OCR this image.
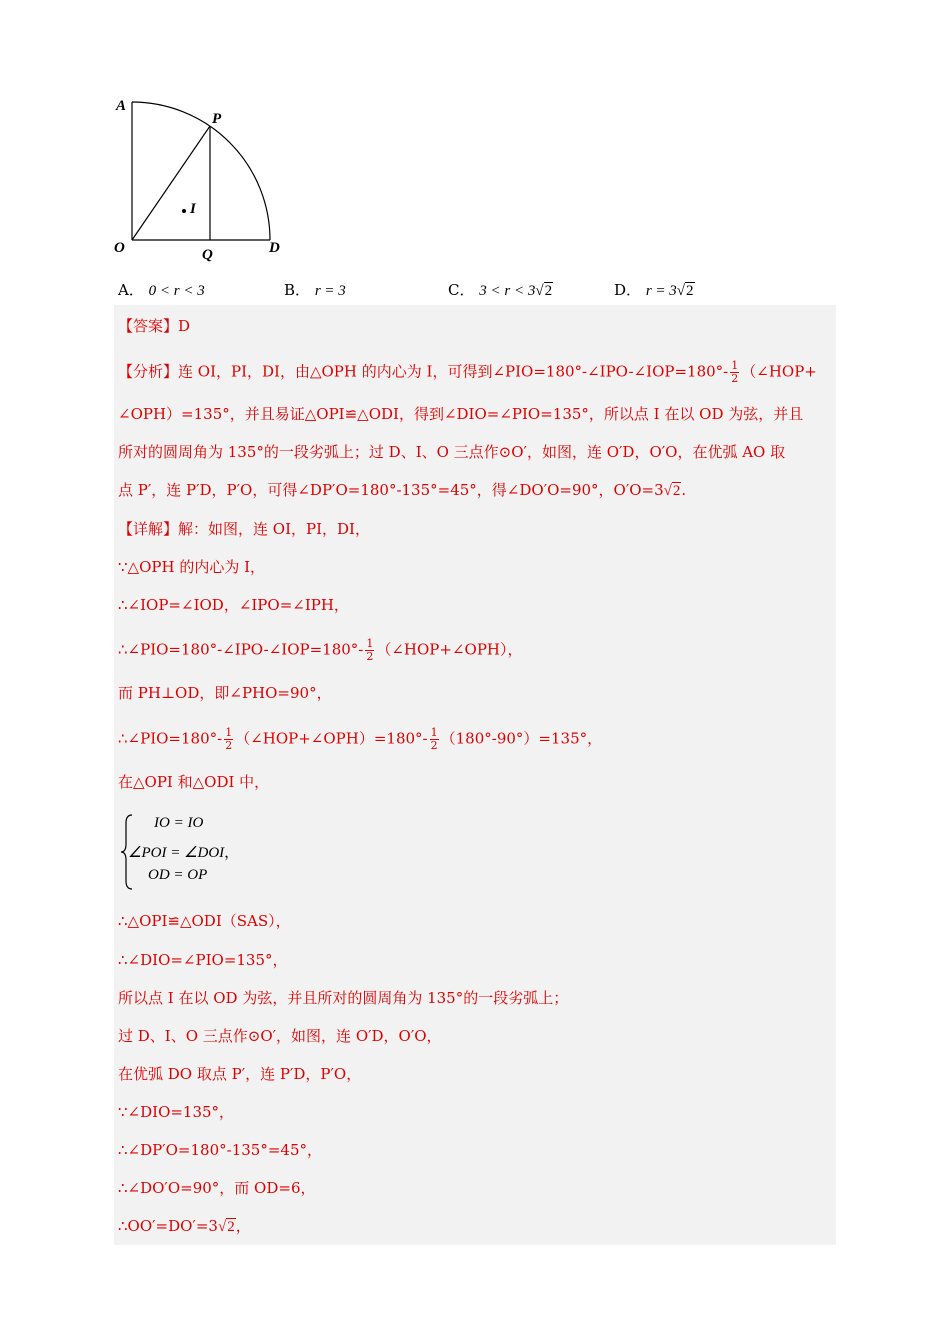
A
P
I
O	Q	D
A． 0 < r < 3	B． r = 3	C． 3 < r < 3√2	D． r = 3√2
【答案】D
【分析】连 OI，PI，DI，由△OPH 的内心为 I，可得到∠PIO=180°-∠IPO-∠IOP=180°- $\frac{1}{2}$ （∠HOP+
∠OPH）=135°，并且易证△OPI≌△ODI，得到∠DIO=∠PIO=135°，所以点 I 在以 OD 为弦，并且
所对的圆周角为 135°的一段劣弧上；过 D、I、O 三点作⊙O′，如图，连 O′D，O′O，在优弧 AO 取
点 P′，连 P′D，P′O，可得∠DP′O=180°-135°=45°，得∠DO′O=90°，O′O=3√2.
【详解】解：如图，连 OI，PI，DI，
∵△OPH 的内心为 I，
∴∠IOP=∠IOD，∠IPO=∠IPH，
∴∠PIO=180°-∠IPO-∠IOP=180°- $\frac{1}{2}$ （∠HOP+∠OPH），
而 PH⊥OD，即∠PHO=90°，
∴∠PIO=180°- $\frac{1}{2}$ （∠HOP+∠OPH）=180°- $\frac{1}{2} (180^\circ-90^\circ)=135^\circ$，
在△OPI 和△ODI 中，
IO = IO
∠POI = ∠DOI，
OD = OP
∴△OPI≌△ODI（SAS），
∴∠DIO=∠PIO=135°，
所以点 I 在以 OD 为弦，并且所对的圆周角为 135°的一段劣弧上；
过 D、I、O 三点作⊙O′，如图，连 O′D，O′O，
在优弧 DO 取点 P′，连 P′D，P′O，
∵∠DIO=135°，
∴∠DP′O=180°-135°=45°，
∴∠DO′O=90°，而 OD=6，
∴OO′=DO′=3√2，
